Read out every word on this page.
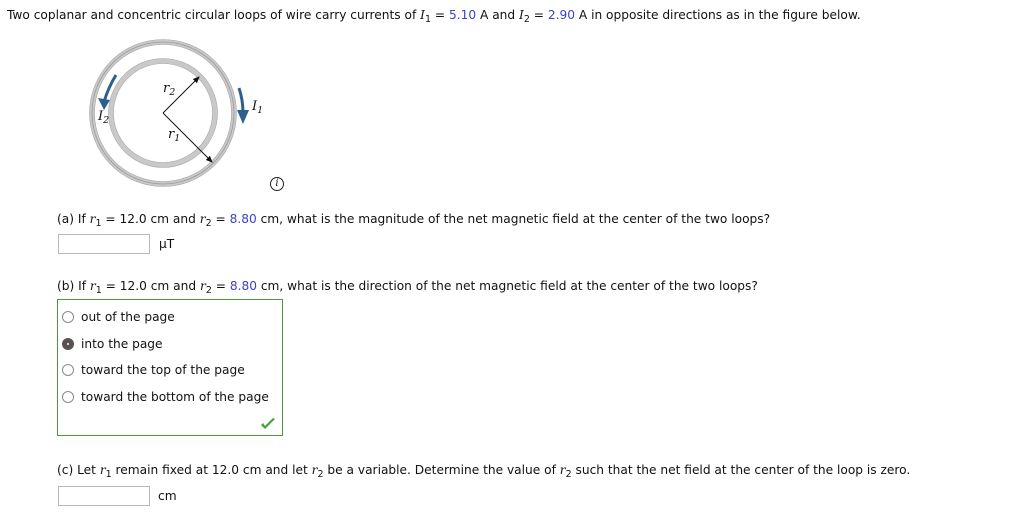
Two coplanar and concentric circular loops of wire carry currents of $I_1 = 5.10$ A and $I_2 = 2.90$ A in opposite directions as in the figure below.
$r_2$
$r_1$
$I_2$
$I_1$
i
(a) If $r_1 = 12.0$ cm and $r_2 = 8.80$ cm, what is the magnitude of the net magnetic field at the center of the two loops?
μT
(b) If $r_1 = 12.0$ cm and $r_2 = 8.80$ cm, what is the direction of the net magnetic field at the center of the two loops?
out of the page
into the page
toward the top of the page
toward the bottom of the page
(c) Let $r_1$ remain fixed at 12.0 cm and let $r_2$ be a variable. Determine the value of $r_2$ such that the net field at the center of the loop is zero.
cm
